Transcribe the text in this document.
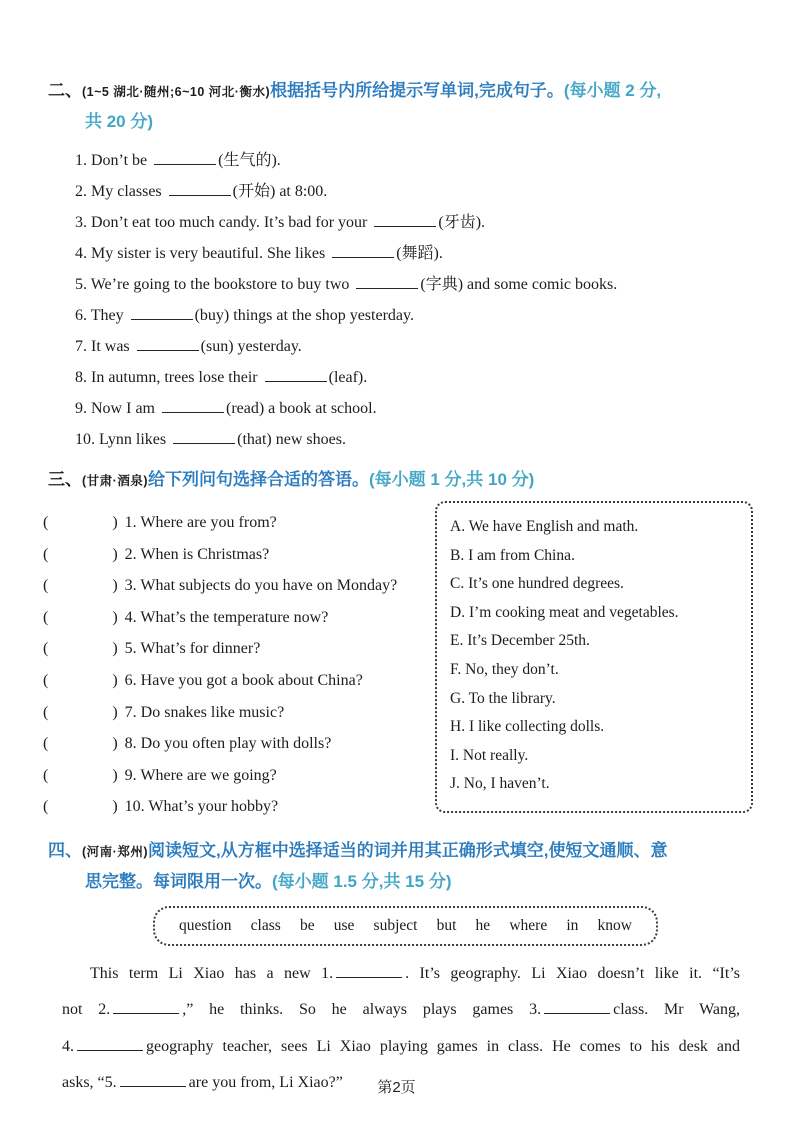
二、(1~5 湖北·随州;6~10 河北·衡水)根据括号内所给提示写单词,完成句子。(每小题 2 分,
共 20 分)
1. Don’t be	(生气的).
2. My classes	(开始) at 8:00.
3. Don’t eat too much candy. It’s bad for your	(牙齿).
4. My sister is very beautiful. She likes	(舞蹈).
5. We’re going to the bookstore to buy two	(字典) and some comic books.
6. They	(buy) things at the shop yesterday.
7. It was	(sun) yesterday.
8. In autumn, trees lose their	(leaf).
9. Now I am	(read) a book at school.
10. Lynn likes	(that) new shoes.
三、(甘肃·酒泉)给下列问句选择合适的答语。(每小题 1 分,共 10 分)
(	) 1. Where are you from?
(	) 2. When is Christmas?
(	) 3. What subjects do you have on Monday?
(	) 4. What’s the temperature now?
(	) 5. What’s for dinner?
(	) 6. Have you got a book about China?
(	) 7. Do snakes like music?
(	) 8. Do you often play with dolls?
(	) 9. Where are we going?
(	) 10. What’s your hobby?
A. We have English and math.
B. I am from China.
C. It’s one hundred degrees.
D. I’m cooking meat and vegetables.
E. It’s December 25th.
F. No, they don’t.
G. To the library.
H. I like collecting dolls.
I. Not really.
J. No, I haven’t.
四、(河南·郑州)阅读短文,从方框中选择适当的词并用其正确形式填空,使短文通顺、意
思完整。每词限用一次。(每小题 1.5 分,共 15 分)
question class be use subject but he where in know
This term Li Xiao has a new 1.	. It’s geography. Li Xiao doesn’t like it. “It’s
not 2.	,” he thinks. So he always plays games 3.	class. Mr Wang,
4.	geography teacher, sees Li Xiao playing games in class. He comes to his desk and
asks, “5.	are you from, Li Xiao?”	第2页
